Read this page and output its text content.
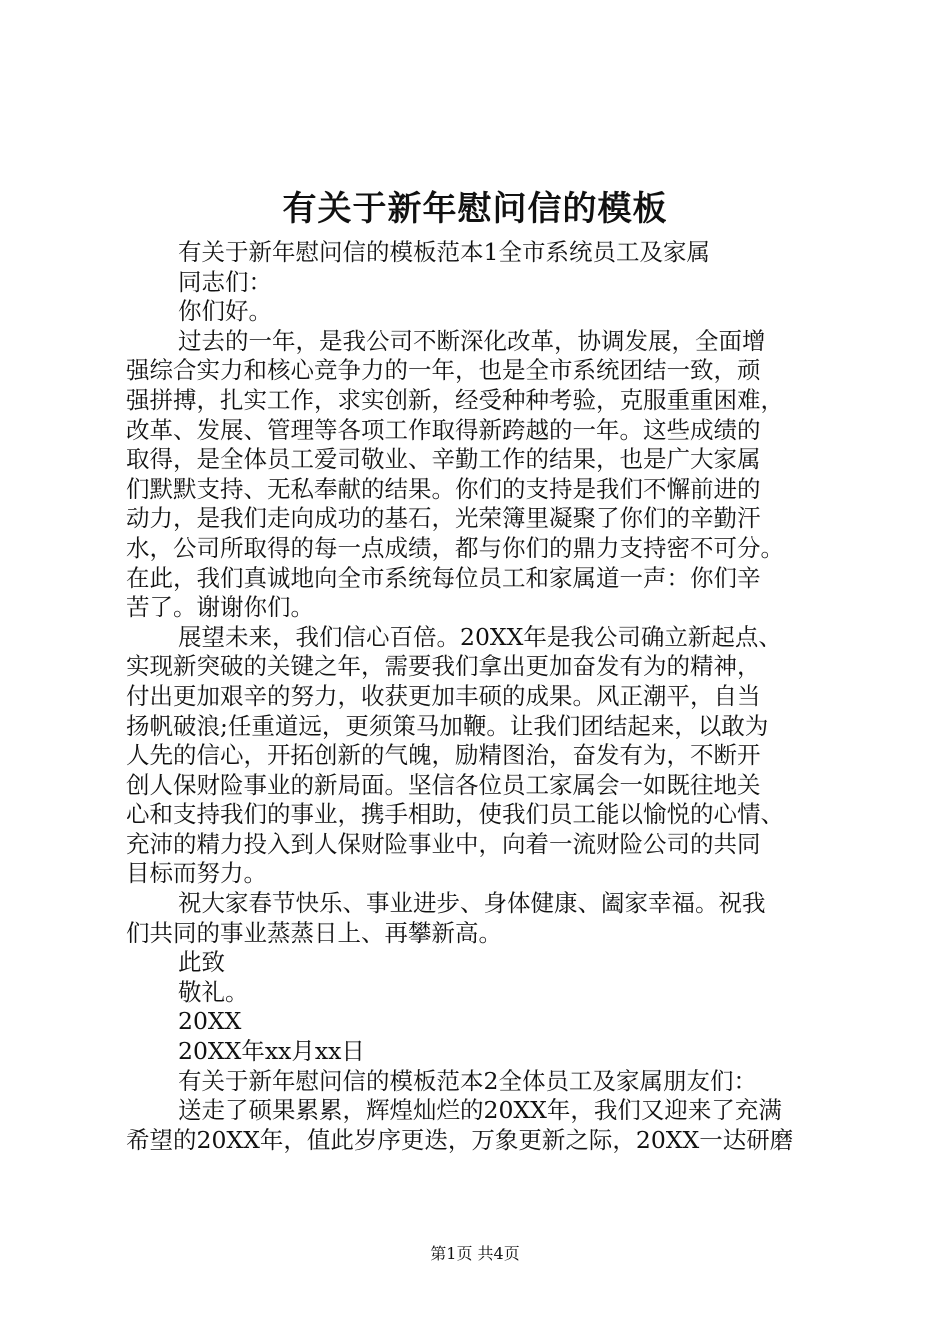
有关于新年慰问信的模板
有关于新年慰问信的模板范本1全市系统员工及家属
同志们：
你们好。
过去的一年，是我公司不断深化改革，协调发展，全面增
强综合实力和核心竞争力的一年，也是全市系统团结一致，顽
强拼搏，扎实工作，求实创新，经受种种考验，克服重重困难，
改革、发展、管理等各项工作取得新跨越的一年。这些成绩的
取得，是全体员工爱司敬业、辛勤工作的结果，也是广大家属
们默默支持、无私奉献的结果。你们的支持是我们不懈前进的
动力，是我们走向成功的基石，光荣簿里凝聚了你们的辛勤汗
水，公司所取得的每一点成绩，都与你们的鼎力支持密不可分。
在此，我们真诚地向全市系统每位员工和家属道一声：你们辛
苦了。谢谢你们。
展望未来，我们信心百倍。20XX年是我公司确立新起点、
实现新突破的关键之年，需要我们拿出更加奋发有为的精神，
付出更加艰辛的努力，收获更加丰硕的成果。风正潮平，自当
扬帆破浪;任重道远，更须策马加鞭。让我们团结起来，以敢为
人先的信心，开拓创新的气魄，励精图治，奋发有为，不断开
创人保财险事业的新局面。坚信各位员工家属会一如既往地关
心和支持我们的事业，携手相助，使我们员工能以愉悦的心情、
充沛的精力投入到人保财险事业中，向着一流财险公司的共同
目标而努力。
祝大家春节快乐、事业进步、身体健康、阖家幸福。祝我
们共同的事业蒸蒸日上、再攀新高。
此致
敬礼。
20XX
20XX年xx月xx日
有关于新年慰问信的模板范本2全体员工及家属朋友们：
送走了硕果累累，辉煌灿烂的20XX年，我们又迎来了充满
希望的20XX年，值此岁序更迭，万象更新之际，20XX一达研磨
第1页 共4页
